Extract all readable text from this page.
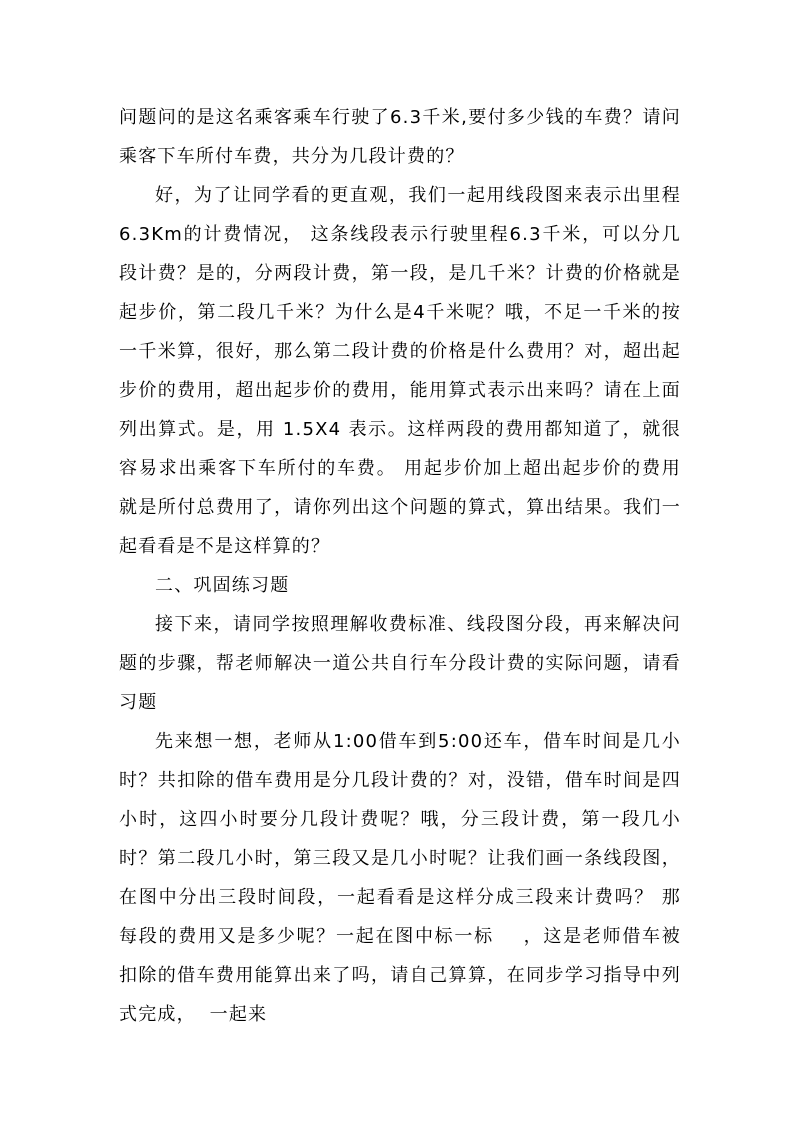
问题问的是这名乘客乘车行驶了6.3千米,要付多少钱的车费？请问乘客下车所付车费，共分为几段计费的？

好，为了让同学看的更直观，我们一起用线段图来表示出里程6.3Km的计费情况， 这条线段表示行驶里程6.3千米，可以分几段计费？是的，分两段计费，第一段，是几千米？计费的价格就是起步价，第二段几千米？为什么是4千米呢？哦，不足一千米的按一千米算，很好，那么第二段计费的价格是什么费用？对，超出起步价的费用，超出起步价的费用，能用算式表示出来吗？请在上面列出算式。是，用 1.5X4 表示。这样两段的费用都知道了，就很容易求出乘客下车所付的车费。 用起步价加上超出起步价的费用就是所付总费用了，请你列出这个问题的算式，算出结果。我们一起看看是不是这样算的？

二、巩固练习题

接下来，请同学按照理解收费标准、线段图分段，再来解决问题的步骤，帮老师解决一道公共自行车分段计费的实际问题，请看习题

先来想一想，老师从1:00借车到5:00还车，借车时间是几小时？共扣除的借车费用是分几段计费的？对，没错，借车时间是四小时，这四小时要分几段计费呢？哦，分三段计费，第一段几小时？第二段几小时，第三段又是几小时呢？让我们画一条线段图，在图中分出三段时间段，一起看看是这样分成三段来计费吗？ 那每段的费用又是多少呢？一起在图中标一标    ，这是老师借车被扣除的借车费用能算出来了吗，请自己算算，在同步学习指导中列式完成，  一起来
